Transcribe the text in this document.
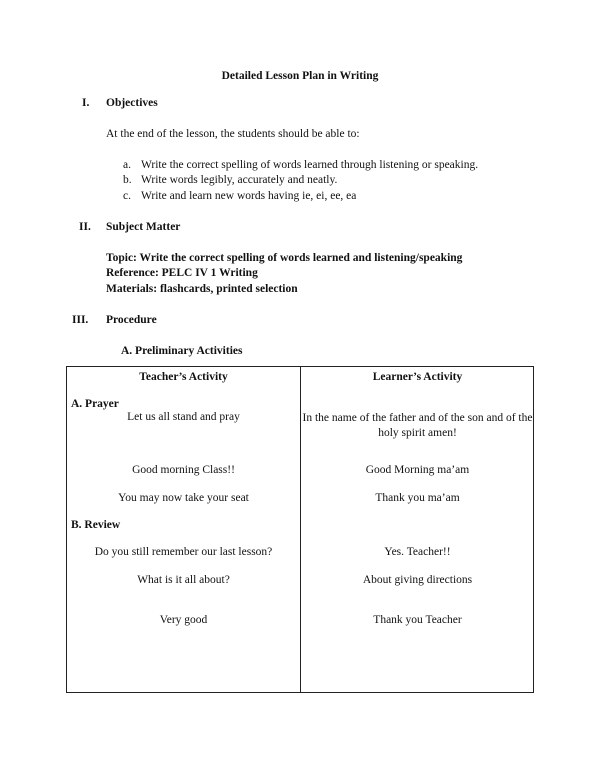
Detailed Lesson Plan in Writing
I. Objectives
At the end of the lesson, the students should be able to:
a. Write the correct spelling of words learned through listening or speaking.
b. Write words legibly, accurately and neatly.
c. Write and learn new words having ie, ei, ee, ea
II. Subject Matter
Topic: Write the correct spelling of words learned and listening/speaking
Reference: PELC IV 1 Writing
Materials: flashcards, printed selection
III. Procedure
A. Preliminary Activities
Teacher’s Activity	Learner’s Activity
A. Prayer
Let us all stand and pray	In the name of the father and of the son and of the holy spirit amen!
Good morning Class!!	Good Morning ma’am
You may now take your seat	Thank you ma’am
B. Review
Do you still remember our last lesson?	Yes. Teacher!!
What is it all about?	About giving directions
Very good	Thank you Teacher
